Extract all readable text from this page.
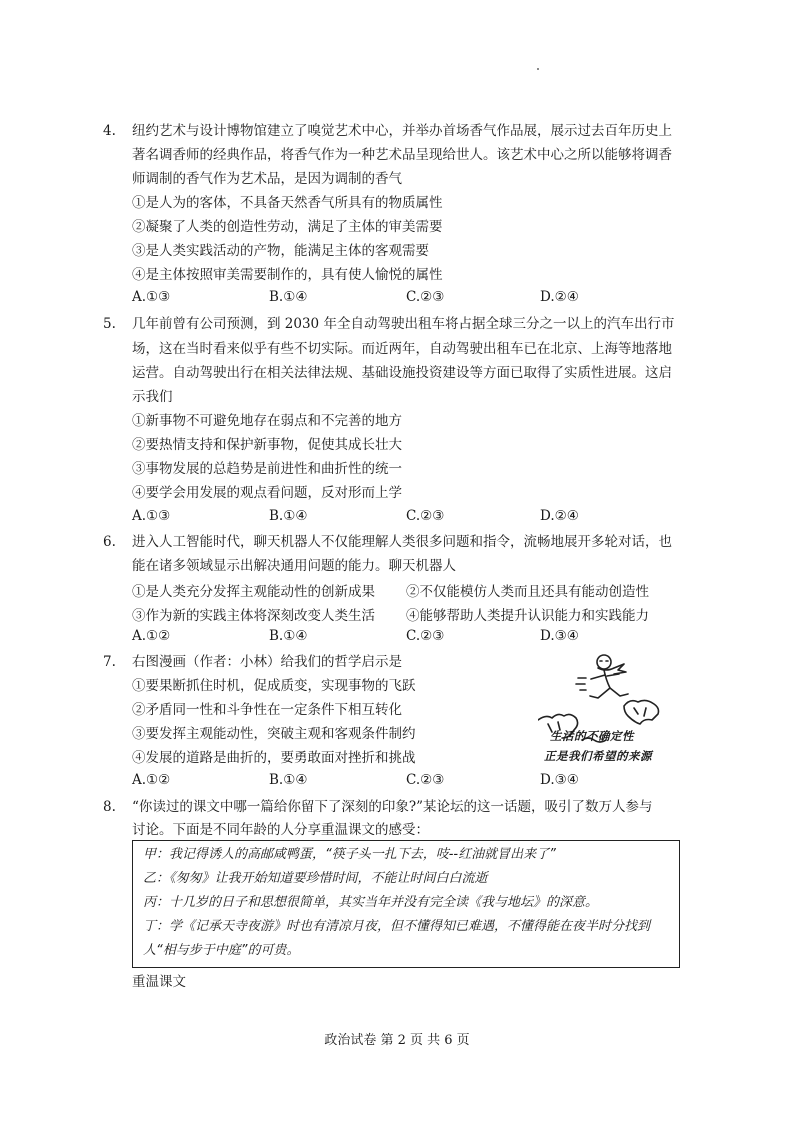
4. 纽约艺术与设计博物馆建立了嗅觉艺术中心，并举办首场香气作品展，展示过去百年历史上
著名调香师的经典作品，将香气作为一种艺术品呈现给世人。该艺术中心之所以能够将调香
师调制的香气作为艺术品，是因为调制的香气
①是人为的客体，不具备天然香气所具有的物质属性
②凝聚了人类的创造性劳动，满足了主体的审美需要
③是人类实践活动的产物，能满足主体的客观需要
④是主体按照审美需要制作的，具有使人愉悦的属性
A.①③	B.①④	C.②③	D.②④
5. 几年前曾有公司预测，到 2030 年全自动驾驶出租车将占据全球三分之一以上的汽车出行市
场，这在当时看来似乎有些不切实际。而近两年，自动驾驶出租车已在北京、上海等地落地
运营。自动驾驶出行在相关法律法规、基础设施投资建设等方面已取得了实质性进展。这启
示我们
①新事物不可避免地存在弱点和不完善的地方
②要热情支持和保护新事物，促使其成长壮大
③事物发展的总趋势是前进性和曲折性的统一
④要学会用发展的观点看问题，反对形而上学
A.①③	B.①④	C.②③	D.②④
6. 进入人工智能时代，聊天机器人不仅能理解人类很多问题和指令，流畅地展开多轮对话，也
能在诸多领域显示出解决通用问题的能力。聊天机器人
①是人类充分发挥主观能动性的创新成果 ②不仅能模仿人类而且还具有能动创造性
③作为新的实践主体将深刻改变人类生活 ④能够帮助人类提升认识能力和实践能力
A.①②	B.①④	C.②③	D.③④
7. 右图漫画（作者：小林）给我们的哲学启示是
①要果断抓住时机，促成质变，实现事物的飞跃
②矛盾同一性和斗争性在一定条件下相互转化
③要发挥主观能动性，突破主观和客观条件制约
④发展的道路是曲折的，要勇敢面对挫折和挑战
A.①②	B.①④	C.②③	D.③④
生活的不确定性
正是我们希望的来源
8. “你读过的课文中哪一篇给你留下了深刻的印象?”某论坛的这一话题，吸引了数万人参与
讨论。下面是不同年龄的人分享重温课文的感受：
甲：我记得诱人的高邮咸鸭蛋，“筷子头一扎下去，吱--红油就冒出来了”
乙：《匆匆》让我开始知道要珍惜时间，不能让时间白白流逝
丙：十几岁的日子和思想很简单，其实当年并没有完全读《我与地坛》的深意。
丁：学《记承天寺夜游》时也有清凉月夜，但不懂得知已难遇，不懂得能在夜半时分找到
人“相与步于中庭”的可贵。
重温课文
政治试卷 第 2 页 共 6 页
